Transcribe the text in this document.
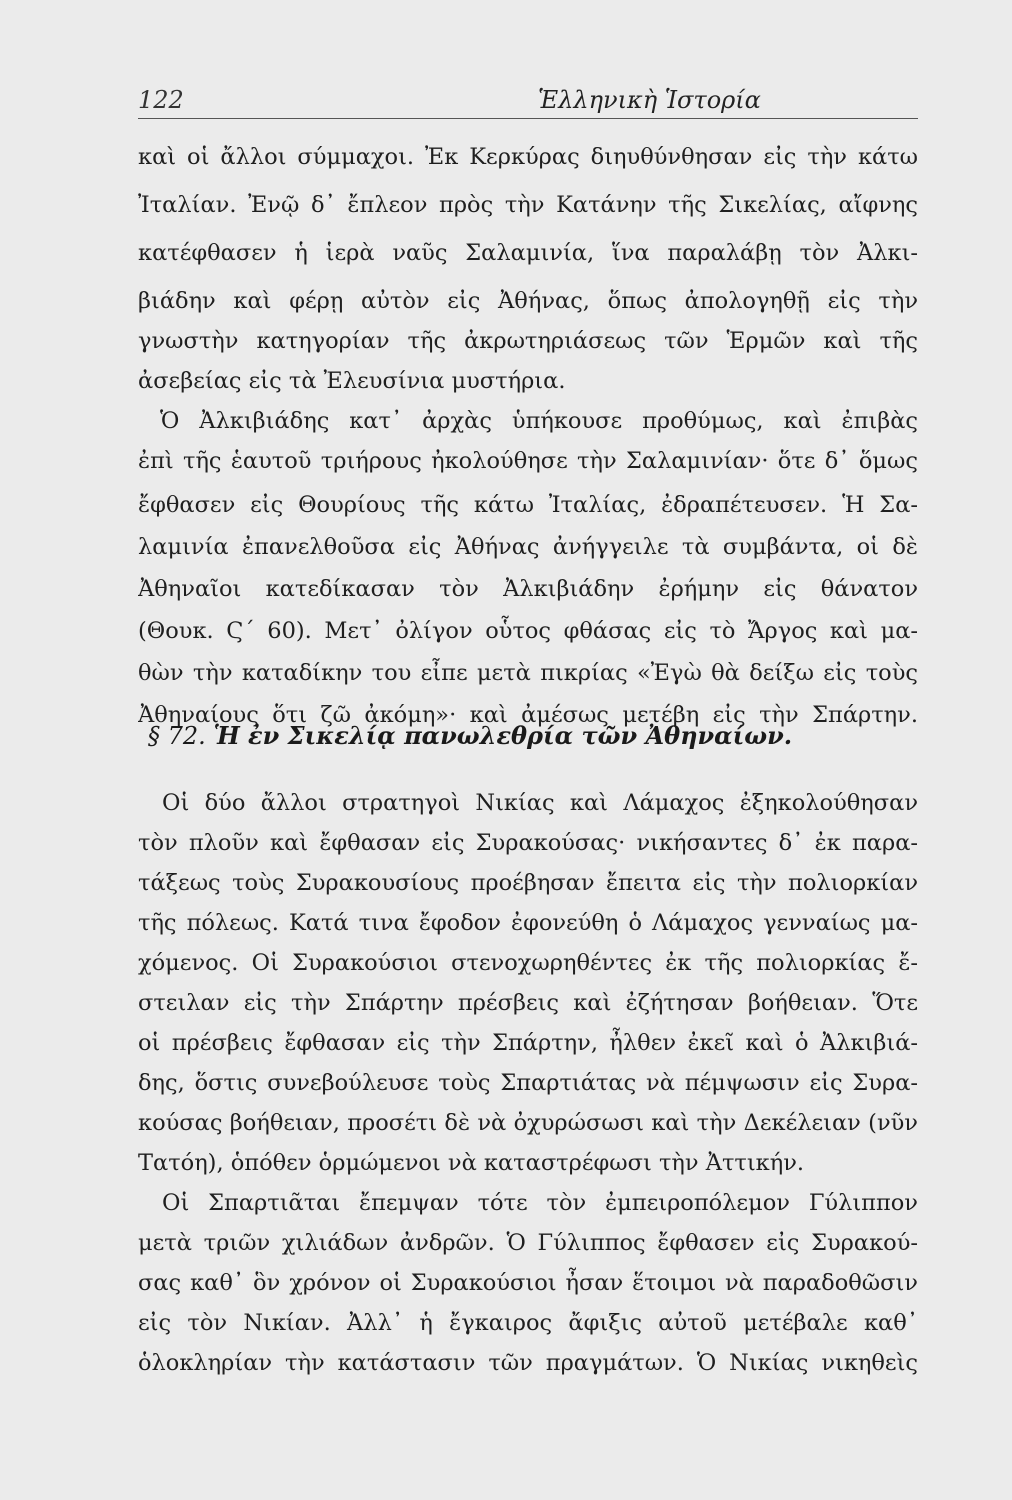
122	Ἑλληνικὴ Ἱστορία
καὶ οἱ ἄλλοι σύμμαχοι. Ἐκ Κερκύρας διηυθύνθησαν εἰς τὴν κάτω
Ἰταλίαν. Ἐνῷ δ᾽ ἔπλεον πρὸς τὴν Κατάνην τῆς Σικελίας, αἴφνης
κατέφθασεν ἡ ἱερὰ ναῦς Σαλαμινία, ἵνα παραλάβῃ τὸν Ἀλκι-
βιάδην καὶ φέρῃ αὐτὸν εἰς Ἀθήνας, ὅπως ἀπολογηθῇ εἰς τὴν
γνωστὴν κατηγορίαν τῆς ἀκρωτηριάσεως τῶν Ἑρμῶν καὶ τῆς
ἀσεβείας εἰς τὰ Ἐλευσίνια μυστήρια.
Ὁ Ἀλκιβιάδης κατ᾽ ἀρχὰς ὑπήκουσε προθύμως, καὶ ἐπιβὰς
ἐπὶ τῆς ἑαυτοῦ τριήρους ἠκολούθησε τὴν Σαλαμινίαν· ὅτε δ᾽ ὅμως
ἔφθασεν εἰς Θουρίους τῆς κάτω Ἰταλίας, ἐδραπέτευσεν. Ἡ Σα-
λαμινία ἐπανελθοῦσα εἰς Ἀθήνας ἀνήγγειλε τὰ συμβάντα, οἱ δὲ
Ἀθηναῖοι κατεδίκασαν τὸν Ἀλκιβιάδην ἐρήμην εἰς θάνατον
(Θουκ. Ϛ´ 60). Μετ᾽ ὀλίγον οὗτος φθάσας εἰς τὸ Ἄργος καὶ μα-
θὼν τὴν καταδίκην του εἶπε μετὰ πικρίας «Ἐγὼ θὰ δείξω εἰς τοὺς
Ἀθηναίους ὅτι ζῶ ἀκόμη»· καὶ ἀμέσως μετέβη εἰς τὴν Σπάρτην.
§ 72. Ἡ ἐν Σικελίᾳ πανωλεθρία τῶν Ἀθηναίων.
Οἱ δύο ἄλλοι στρατηγοὶ Νικίας καὶ Λάμαχος ἐξηκολούθησαν
τὸν πλοῦν καὶ ἔφθασαν εἰς Συρακούσας· νικήσαντες δ᾽ ἐκ παρα-
τάξεως τοὺς Συρακουσίους προέβησαν ἔπειτα εἰς τὴν πολιορκίαν
τῆς πόλεως. Κατά τινα ἔφοδον ἐφονεύθη ὁ Λάμαχος γενναίως μα-
χόμενος. Οἱ Συρακούσιοι στενοχωρηθέντες ἐκ τῆς πολιορκίας ἔ-
στειλαν εἰς τὴν Σπάρτην πρέσβεις καὶ ἐζήτησαν βοήθειαν. Ὅτε
οἱ πρέσβεις ἔφθασαν εἰς τὴν Σπάρτην, ἦλθεν ἐκεῖ καὶ ὁ Ἀλκιβιά-
δης, ὅστις συνεβούλευσε τοὺς Σπαρτιάτας νὰ πέμψωσιν εἰς Συρα-
κούσας βοήθειαν, προσέτι δὲ νὰ ὀχυρώσωσι καὶ τὴν Δεκέλειαν (νῦν
Τατόη), ὁπόθεν ὁρμώμενοι νὰ καταστρέφωσι τὴν Ἀττικήν.
Οἱ Σπαρτιᾶται ἔπεμψαν τότε τὸν ἐμπειροπόλεμον Γύλιππον
μετὰ τριῶν χιλιάδων ἀνδρῶν. Ὁ Γύλιππος ἔφθασεν εἰς Συρακού-
σας καθ᾽ ὃν χρόνον οἱ Συρακούσιοι ἦσαν ἕτοιμοι νὰ παραδοθῶσιν
εἰς τὸν Νικίαν. Ἀλλ᾽ ἡ ἔγκαιρος ἄφιξις αὐτοῦ μετέβαλε καθ᾽
ὁλοκληρίαν τὴν κατάστασιν τῶν πραγμάτων. Ὁ Νικίας νικηθεὶς
